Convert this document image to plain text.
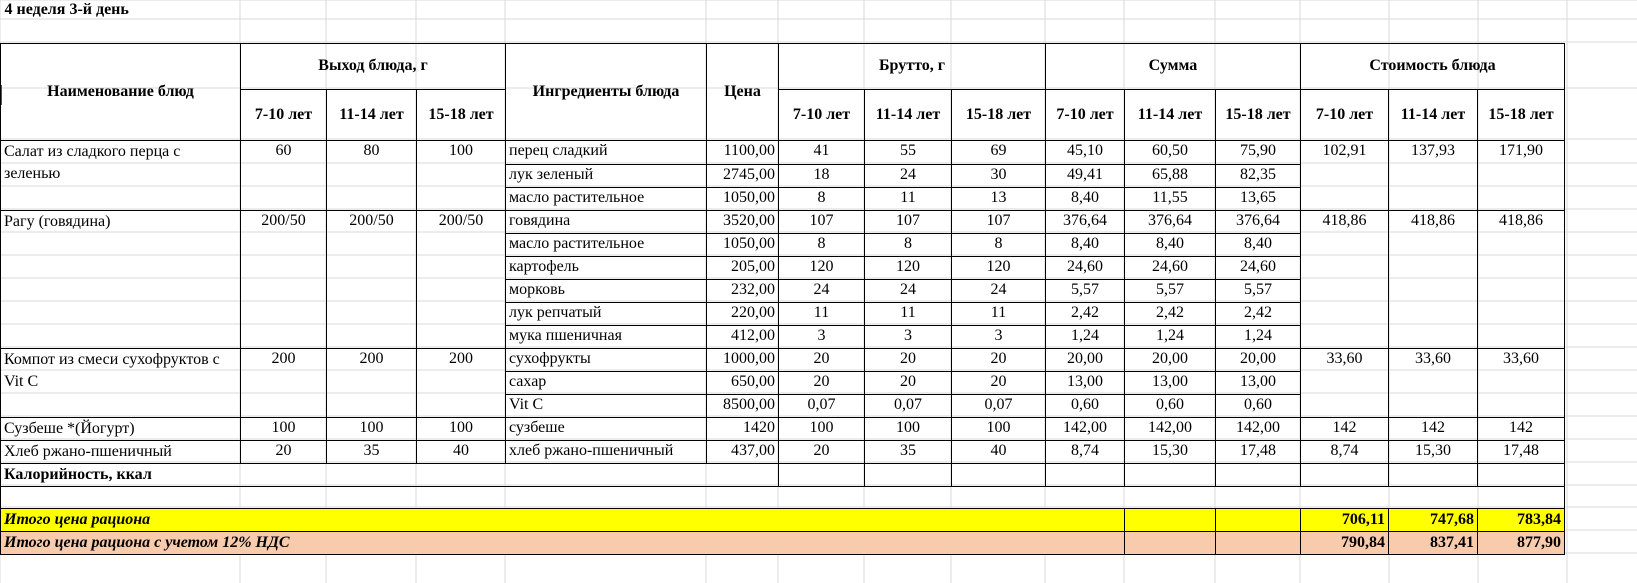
4 неделя 3-й день														

Наименование блюд	Выход блюда, г			Ингредиенты блюда	Цена	Брутто, г			Сумма			Стоимость блюда		
	7-10 лет	11-14 лет	15-18 лет			7-10 лет	11-14 лет	15-18 лет	7-10 лет	11-14 лет	15-18 лет	7-10 лет	11-14 лет	15-18 лет
Салат из сладкого перца с зеленью	60	80	100	перец сладкий	1100,00	41	55	69	45,10	60,50	75,90	102,91	137,93	171,90
				лук зеленый	2745,00	18	24	30	49,41	65,88	82,35			
				масло растительное	1050,00	8	11	13	8,40	11,55	13,65			
Рагу (говядина)	200/50	200/50	200/50	говядина	3520,00	107	107	107	376,64	376,64	376,64	418,86	418,86	418,86
				масло растительное	1050,00	8	8	8	8,40	8,40	8,40			
				картофель	205,00	120	120	120	24,60	24,60	24,60			
				морковь	232,00	24	24	24	5,57	5,57	5,57			
				лук репчатый	220,00	11	11	11	2,42	2,42	2,42			
				мука пшеничная	412,00	3	3	3	1,24	1,24	1,24			
Компот из смеси сухофруктов с Vit C	200	200	200	сухофрукты	1000,00	20	20	20	20,00	20,00	20,00	33,60	33,60	33,60
				сахар	650,00	20	20	20	13,00	13,00	13,00			
				Vit C	8500,00	0,07	0,07	0,07	0,60	0,60	0,60			
Сузбеше *(Йогурт)	100	100	100	сузбеше	1420	100	100	100	142,00	142,00	142,00	142	142	142
Хлеб ржано-пшеничный	20	35	40	хлеб ржано-пшеничный	437,00	20	35	40	8,74	15,30	17,48	8,74	15,30	17,48
Калорийность, ккал														

Итого цена рациона												706,11	747,68	783,84
Итого цена рациона с учетом 12% НДС												790,84	837,41	877,90
